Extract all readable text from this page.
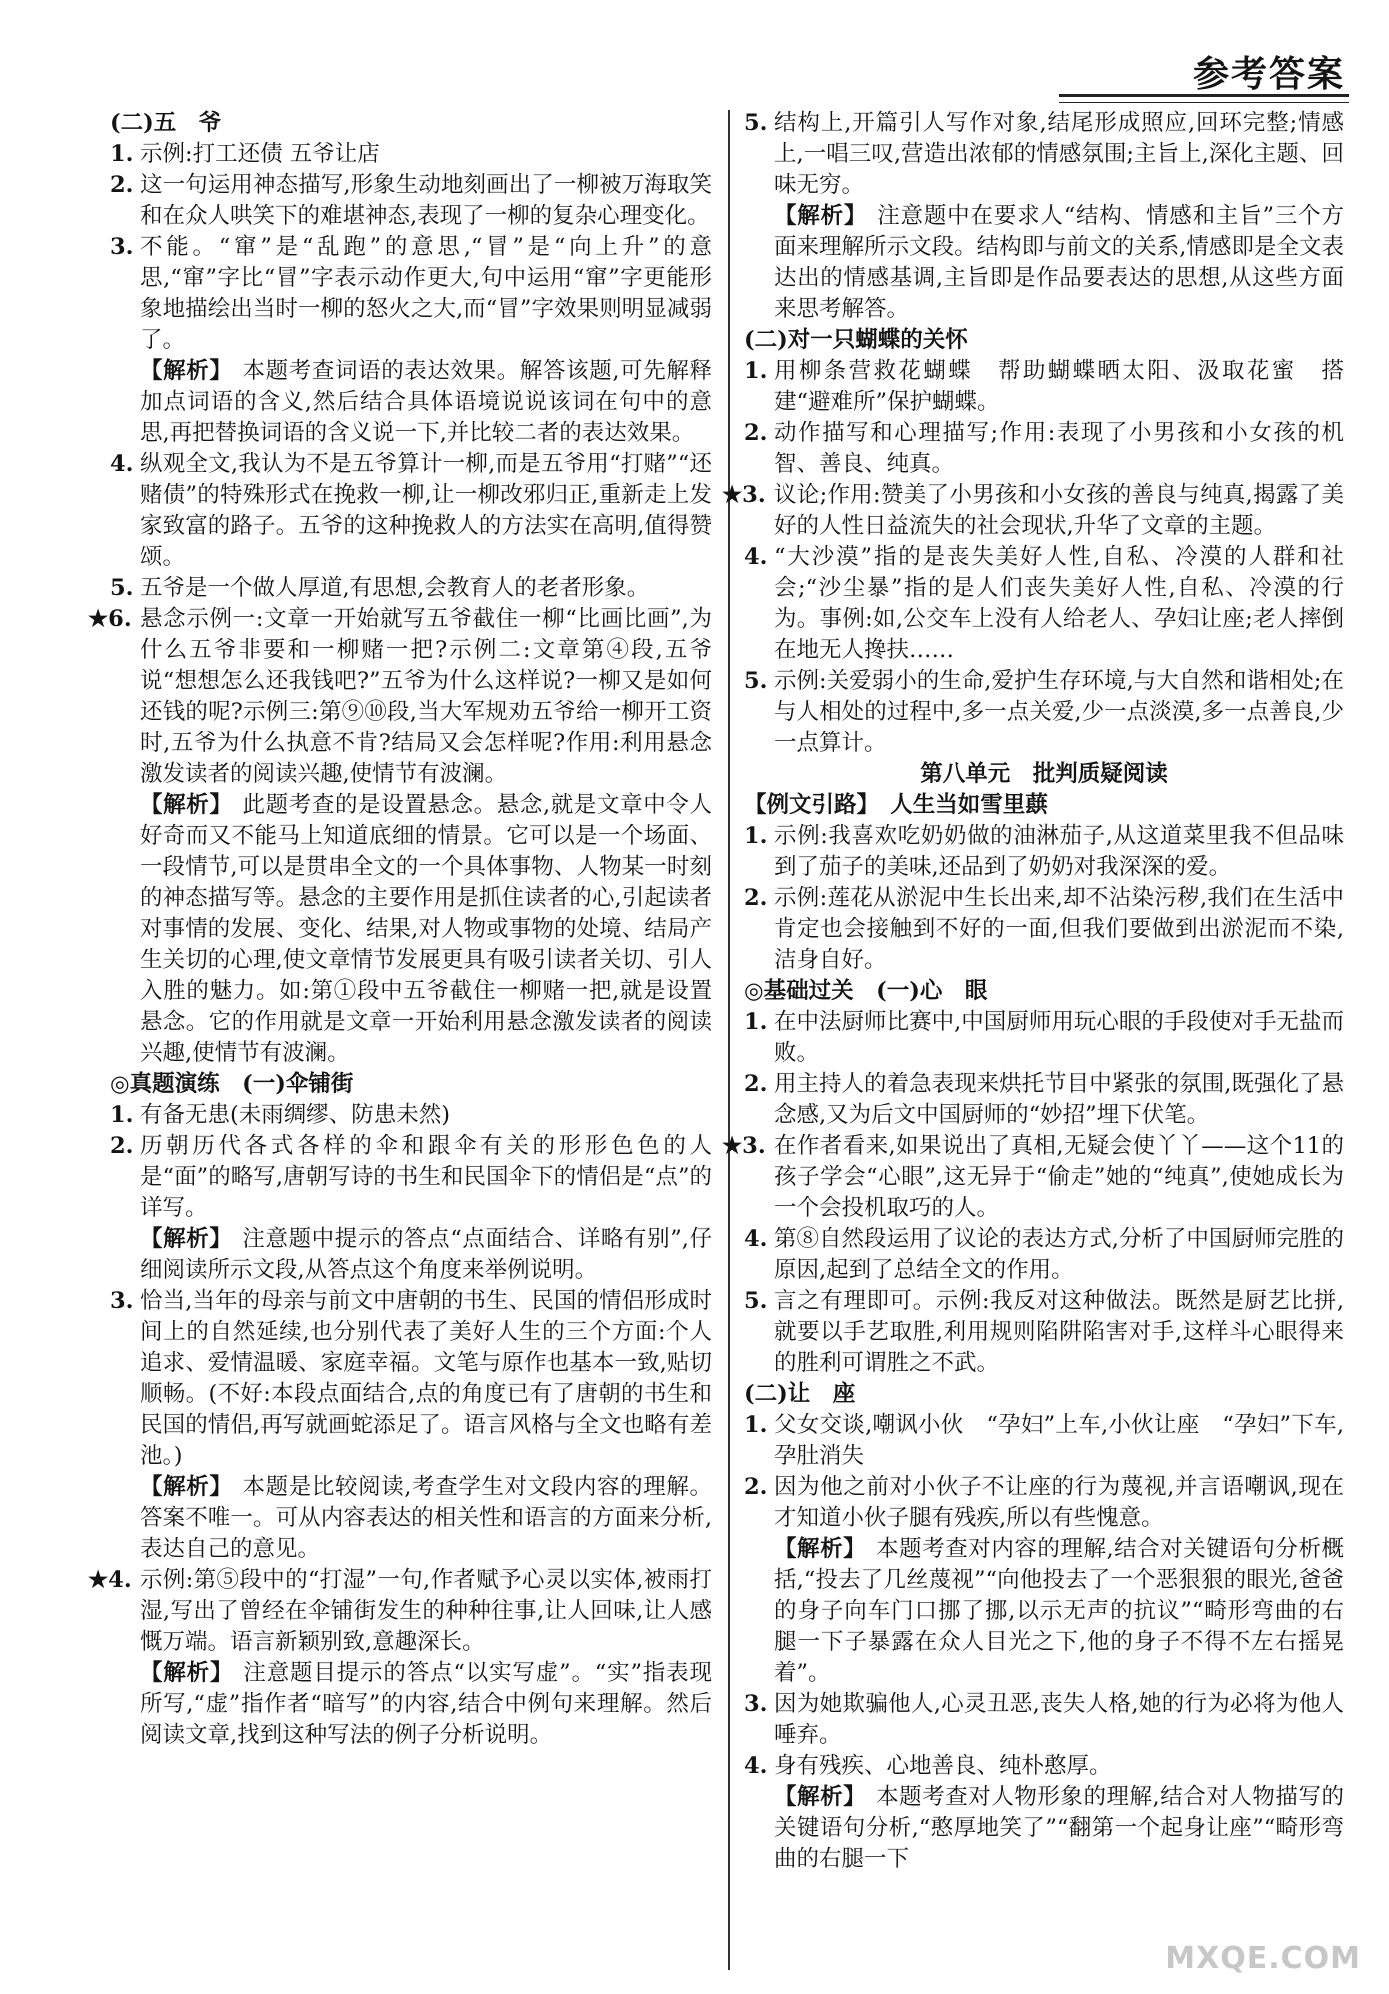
参考答案

(二)五　爷

1. 示例:打工还债 五爷让店

2. 这一句运用神态描写,形象生动地刻画出了一柳被万海取笑和在众人哄笑下的难堪神态,表现了一柳的复杂心理变化。

3. 不能。“窜”是“乱跑”的意思,“冒”是“向上升”的意思,“窜”字比“冒”字表示动作更大,句中运用“窜”字更能形象地描绘出当时一柳的怒火之大,而“冒”字效果则明显减弱了。

【解析】 本题考查词语的表达效果。解答该题,可先解释加点词语的含义,然后结合具体语境说说该词在句中的意思,再把替换词语的含义说一下,并比较二者的表达效果。

4. 纵观全文,我认为不是五爷算计一柳,而是五爷用“打赌”“还赌债”的特殊形式在挽救一柳,让一柳改邪归正,重新走上发家致富的路子。五爷的这种挽救人的方法实在高明,值得赞颂。

5. 五爷是一个做人厚道,有思想,会教育人的老者形象。

★6. 悬念示例一:文章一开始就写五爷截住一柳“比画比画”,为什么五爷非要和一柳赌一把?示例二:文章第④段,五爷说“想想怎么还我钱吧?”五爷为什么这样说?一柳又是如何还钱的呢?示例三:第⑨⑩段,当大军规劝五爷给一柳开工资时,五爷为什么执意不肯?结局又会怎样呢?作用:利用悬念激发读者的阅读兴趣,使情节有波澜。

【解析】 此题考查的是设置悬念。悬念,就是文章中令人好奇而又不能马上知道底细的情景。它可以是一个场面、一段情节,可以是贯串全文的一个具体事物、人物某一时刻的神态描写等。悬念的主要作用是抓住读者的心,引起读者对事情的发展、变化、结果,对人物或事物的处境、结局产生关切的心理,使文章情节发展更具有吸引读者关切、引人入胜的魅力。如:第①段中五爷截住一柳赌一把,就是设置悬念。它的作用就是文章一开始利用悬念激发读者的阅读兴趣,使情节有波澜。

◎真题演练　(一)伞铺街

1. 有备无患(未雨绸缪、防患未然)

2. 历朝历代各式各样的伞和跟伞有关的形形色色的人是“面”的略写,唐朝写诗的书生和民国伞下的情侣是“点”的详写。

【解析】 注意题中提示的答点“点面结合、详略有别”,仔细阅读所示文段,从答点这个角度来举例说明。

3. 恰当,当年的母亲与前文中唐朝的书生、民国的情侣形成时间上的自然延续,也分别代表了美好人生的三个方面:个人追求、爱情温暖、家庭幸福。文笔与原作也基本一致,贴切顺畅。(不好:本段点面结合,点的角度已有了唐朝的书生和民国的情侣,再写就画蛇添足了。语言风格与全文也略有差池。)

【解析】 本题是比较阅读,考查学生对文段内容的理解。答案不唯一。可从内容表达的相关性和语言的方面来分析,表达自己的意见。

★4. 示例:第⑤段中的“打湿”一句,作者赋予心灵以实体,被雨打湿,写出了曾经在伞铺街发生的种种往事,让人回味,让人感慨万端。语言新颖别致,意趣深长。

【解析】 注意题目提示的答点“以实写虚”。“实”指表现所写,“虚”指作者“暗写”的内容,结合中例句来理解。然后阅读文章,找到这种写法的例子分析说明。

5. 结构上,开篇引人写作对象,结尾形成照应,回环完整;情感上,一唱三叹,营造出浓郁的情感氛围;主旨上,深化主题、回味无穷。

【解析】 注意题中在要求人“结构、情感和主旨”三个方面来理解所示文段。结构即与前文的关系,情感即是全文表达出的情感基调,主旨即是作品要表达的思想,从这些方面来思考解答。

(二)对一只蝴蝶的关怀

1. 用柳条营救花蝴蝶　帮助蝴蝶晒太阳、汲取花蜜　搭建“避难所”保护蝴蝶。

2. 动作描写和心理描写;作用:表现了小男孩和小女孩的机智、善良、纯真。

★3. 议论;作用:赞美了小男孩和小女孩的善良与纯真,揭露了美好的人性日益流失的社会现状,升华了文章的主题。

4. “大沙漠”指的是丧失美好人性,自私、冷漠的人群和社会;“沙尘暴”指的是人们丧失美好人性,自私、冷漠的行为。事例:如,公交车上没有人给老人、孕妇让座;老人摔倒在地无人搀扶……

5. 示例:关爱弱小的生命,爱护生存环境,与大自然和谐相处;在与人相处的过程中,多一点关爱,少一点淡漠,多一点善良,少一点算计。

第八单元　批判质疑阅读

【例文引路】　人生当如雪里蕻

1. 示例:我喜欢吃奶奶做的油淋茄子,从这道菜里我不但品味到了茄子的美味,还品到了奶奶对我深深的爱。

2. 示例:莲花从淤泥中生长出来,却不沾染污秽,我们在生活中肯定也会接触到不好的一面,但我们要做到出淤泥而不染,洁身自好。

◎基础过关　(一)心　眼

1. 在中法厨师比赛中,中国厨师用玩心眼的手段使对手无盐而败。

2. 用主持人的着急表现来烘托节目中紧张的氛围,既强化了悬念感,又为后文中国厨师的“妙招”埋下伏笔。

★3. 在作者看来,如果说出了真相,无疑会使丫丫——这个11的孩子学会“心眼”,这无异于“偷走”她的“纯真”,使她成长为一个会投机取巧的人。

4. 第⑧自然段运用了议论的表达方式,分析了中国厨师完胜的原因,起到了总结全文的作用。

5. 言之有理即可。示例:我反对这种做法。既然是厨艺比拼,就要以手艺取胜,利用规则陷阱陷害对手,这样斗心眼得来的胜利可谓胜之不武。

(二)让　座

1. 父女交谈,嘲讽小伙　“孕妇”上车,小伙让座　“孕妇”下车,孕肚消失

2. 因为他之前对小伙子不让座的行为蔑视,并言语嘲讽,现在才知道小伙子腿有残疾,所以有些愧意。

【解析】 本题考查对内容的理解,结合对关键语句分析概括,“投去了几丝蔑视”“向他投去了一个恶狠狠的眼光,爸爸的身子向车门口挪了挪,以示无声的抗议”“畸形弯曲的右腿一下子暴露在众人目光之下,他的身子不得不左右摇晃着”。

3. 因为她欺骗他人,心灵丑恶,丧失人格,她的行为必将为他人唾弃。

4. 身有残疾、心地善良、纯朴憨厚。

【解析】 本题考查对人物形象的理解,结合对人物描写的关键语句分析,“憨厚地笑了”“翻第一个起身让座”“畸形弯曲的右腿一下

MXQE.COM
